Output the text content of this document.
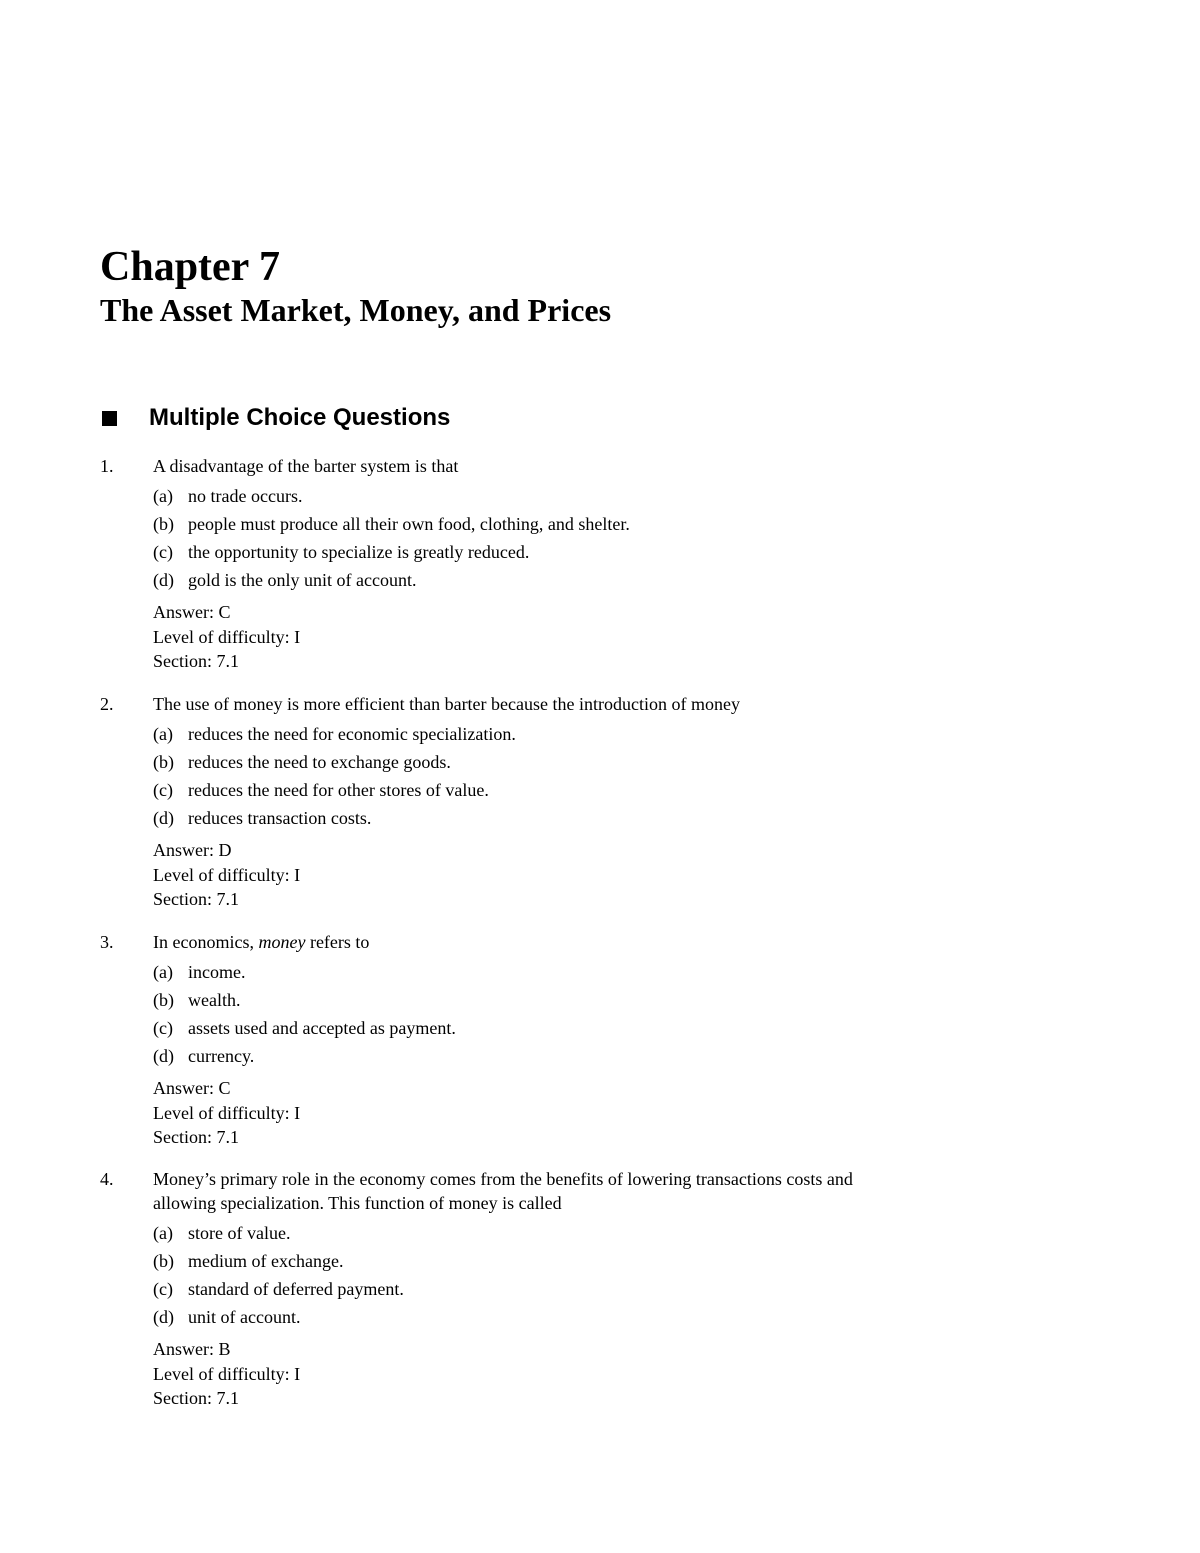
Chapter 7
The Asset Market, Money, and Prices
Multiple Choice Questions
1. A disadvantage of the barter system is that
(a) no trade occurs.
(b) people must produce all their own food, clothing, and shelter.
(c) the opportunity to specialize is greatly reduced.
(d) gold is the only unit of account.
Answer: C
Level of difficulty: I
Section: 7.1
2. The use of money is more efficient than barter because the introduction of money
(a) reduces the need for economic specialization.
(b) reduces the need to exchange goods.
(c) reduces the need for other stores of value.
(d) reduces transaction costs.
Answer: D
Level of difficulty: I
Section: 7.1
3. In economics, money refers to
(a) income.
(b) wealth.
(c) assets used and accepted as payment.
(d) currency.
Answer: C
Level of difficulty: I
Section: 7.1
4. Money’s primary role in the economy comes from the benefits of lowering transactions costs and
allowing specialization. This function of money is called
(a) store of value.
(b) medium of exchange.
(c) standard of deferred payment.
(d) unit of account.
Answer: B
Level of difficulty: I
Section: 7.1
